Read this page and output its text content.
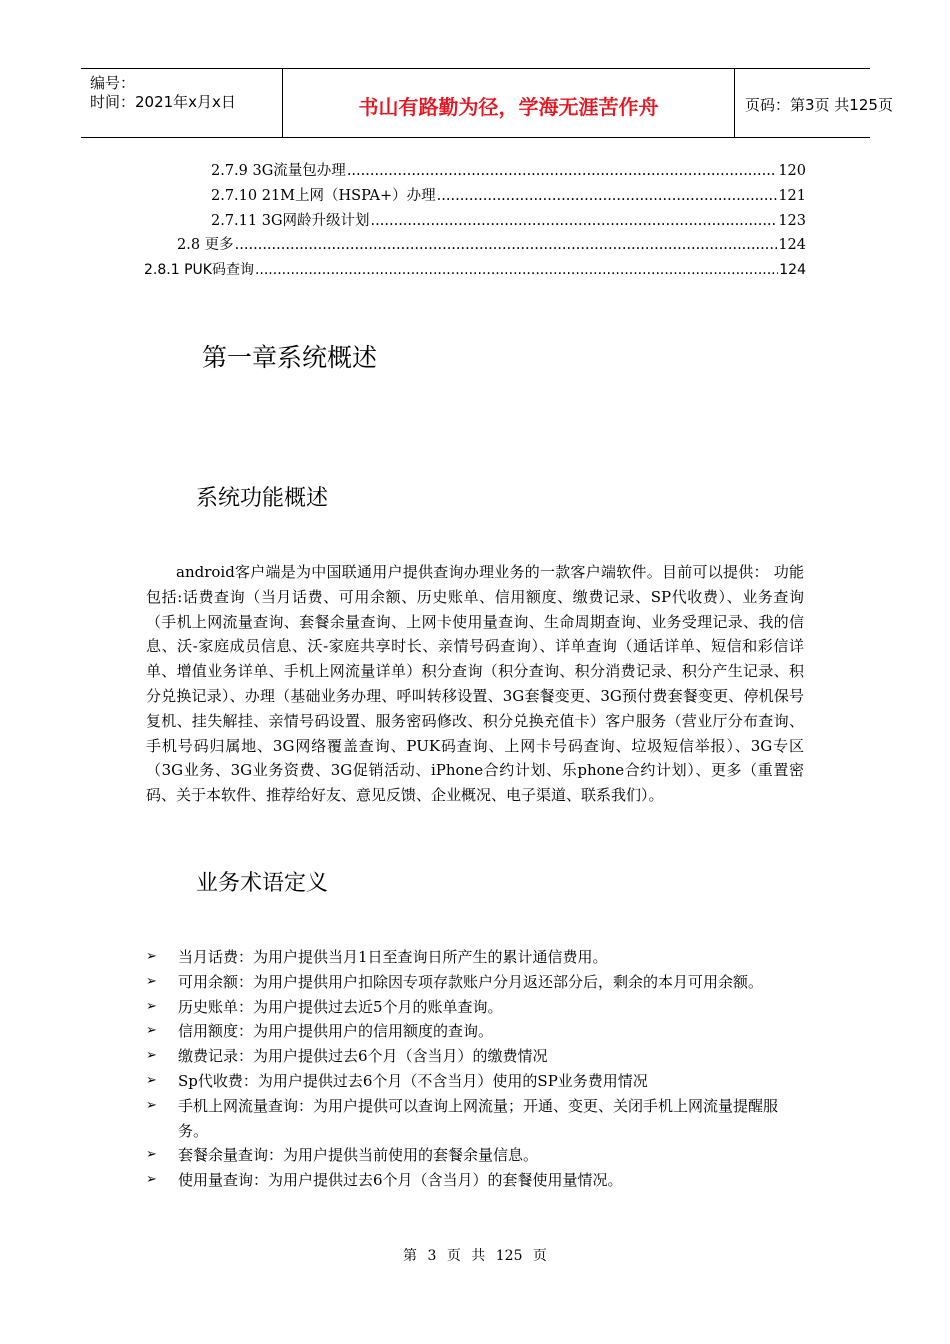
编号：
时间：2021年x月x日	书山有路勤为径，学海无涯苦作舟	页码：第3页 共125页
2.7.9 3G流量包办理 .....	120
2.7.10 21M上网（HSPA+）办理 .....	121
2.7.11 3G网龄升级计划 .....	123
2.8 更多 .....	124
2.8.1 PUK码查询 .....	124
第一章系统概述
系统功能概述

android客户端是为中国联通用户提供查询办理业务的一款客户端软件。目前可以提供： 功能包括:话费查询（当月话费、可用余额、历史账单、信用额度、缴费记录、SP代收费）、业务查询（手机上网流量查询、套餐余量查询、上网卡使用量查询、生命周期查询、业务受理记录、我的信息、沃-家庭成员信息、沃-家庭共享时长、亲情号码查询）、详单查询（通话详单、短信和彩信详单、增值业务详单、手机上网流量详单）积分查询（积分查询、积分消费记录、积分产生记录、积分兑换记录）、办理（基础业务办理、呼叫转移设置、3G套餐变更、3G预付费套餐变更、停机保号复机、挂失解挂、亲情号码设置、服务密码修改、积分兑换充值卡）客户服务（营业厅分布查询、手机号码归属地、3G网络覆盖查询、PUK码查询、上网卡号码查询、垃圾短信举报）、3G专区（3G业务、3G业务资费、3G促销活动、iPhone合约计划、乐phone合约计划）、更多（重置密码、关于本软件、推荐给好友、意见反馈、企业概况、电子渠道、联系我们）。

业务术语定义
➢ 当月话费：为用户提供当月1日至查询日所产生的累计通信费用。
➢ 可用余额：为用户提供用户扣除因专项存款账户分月返还部分后，剩余的本月可用余额。
➢ 历史账单：为用户提供过去近5个月的账单查询。
➢ 信用额度：为用户提供用户的信用额度的查询。
➢ 缴费记录：为用户提供过去6个月（含当月）的缴费情况
➢ Sp代收费：为用户提供过去6个月（不含当月）使用的SP业务费用情况
➢ 手机上网流量查询：为用户提供可以查询上网流量；开通、变更、关闭手机上网流量提醒服务。
➢ 套餐余量查询：为用户提供当前使用的套餐余量信息。
➢ 使用量查询：为用户提供过去6个月（含当月）的套餐使用量情况。
第 3 页 共 125 页
